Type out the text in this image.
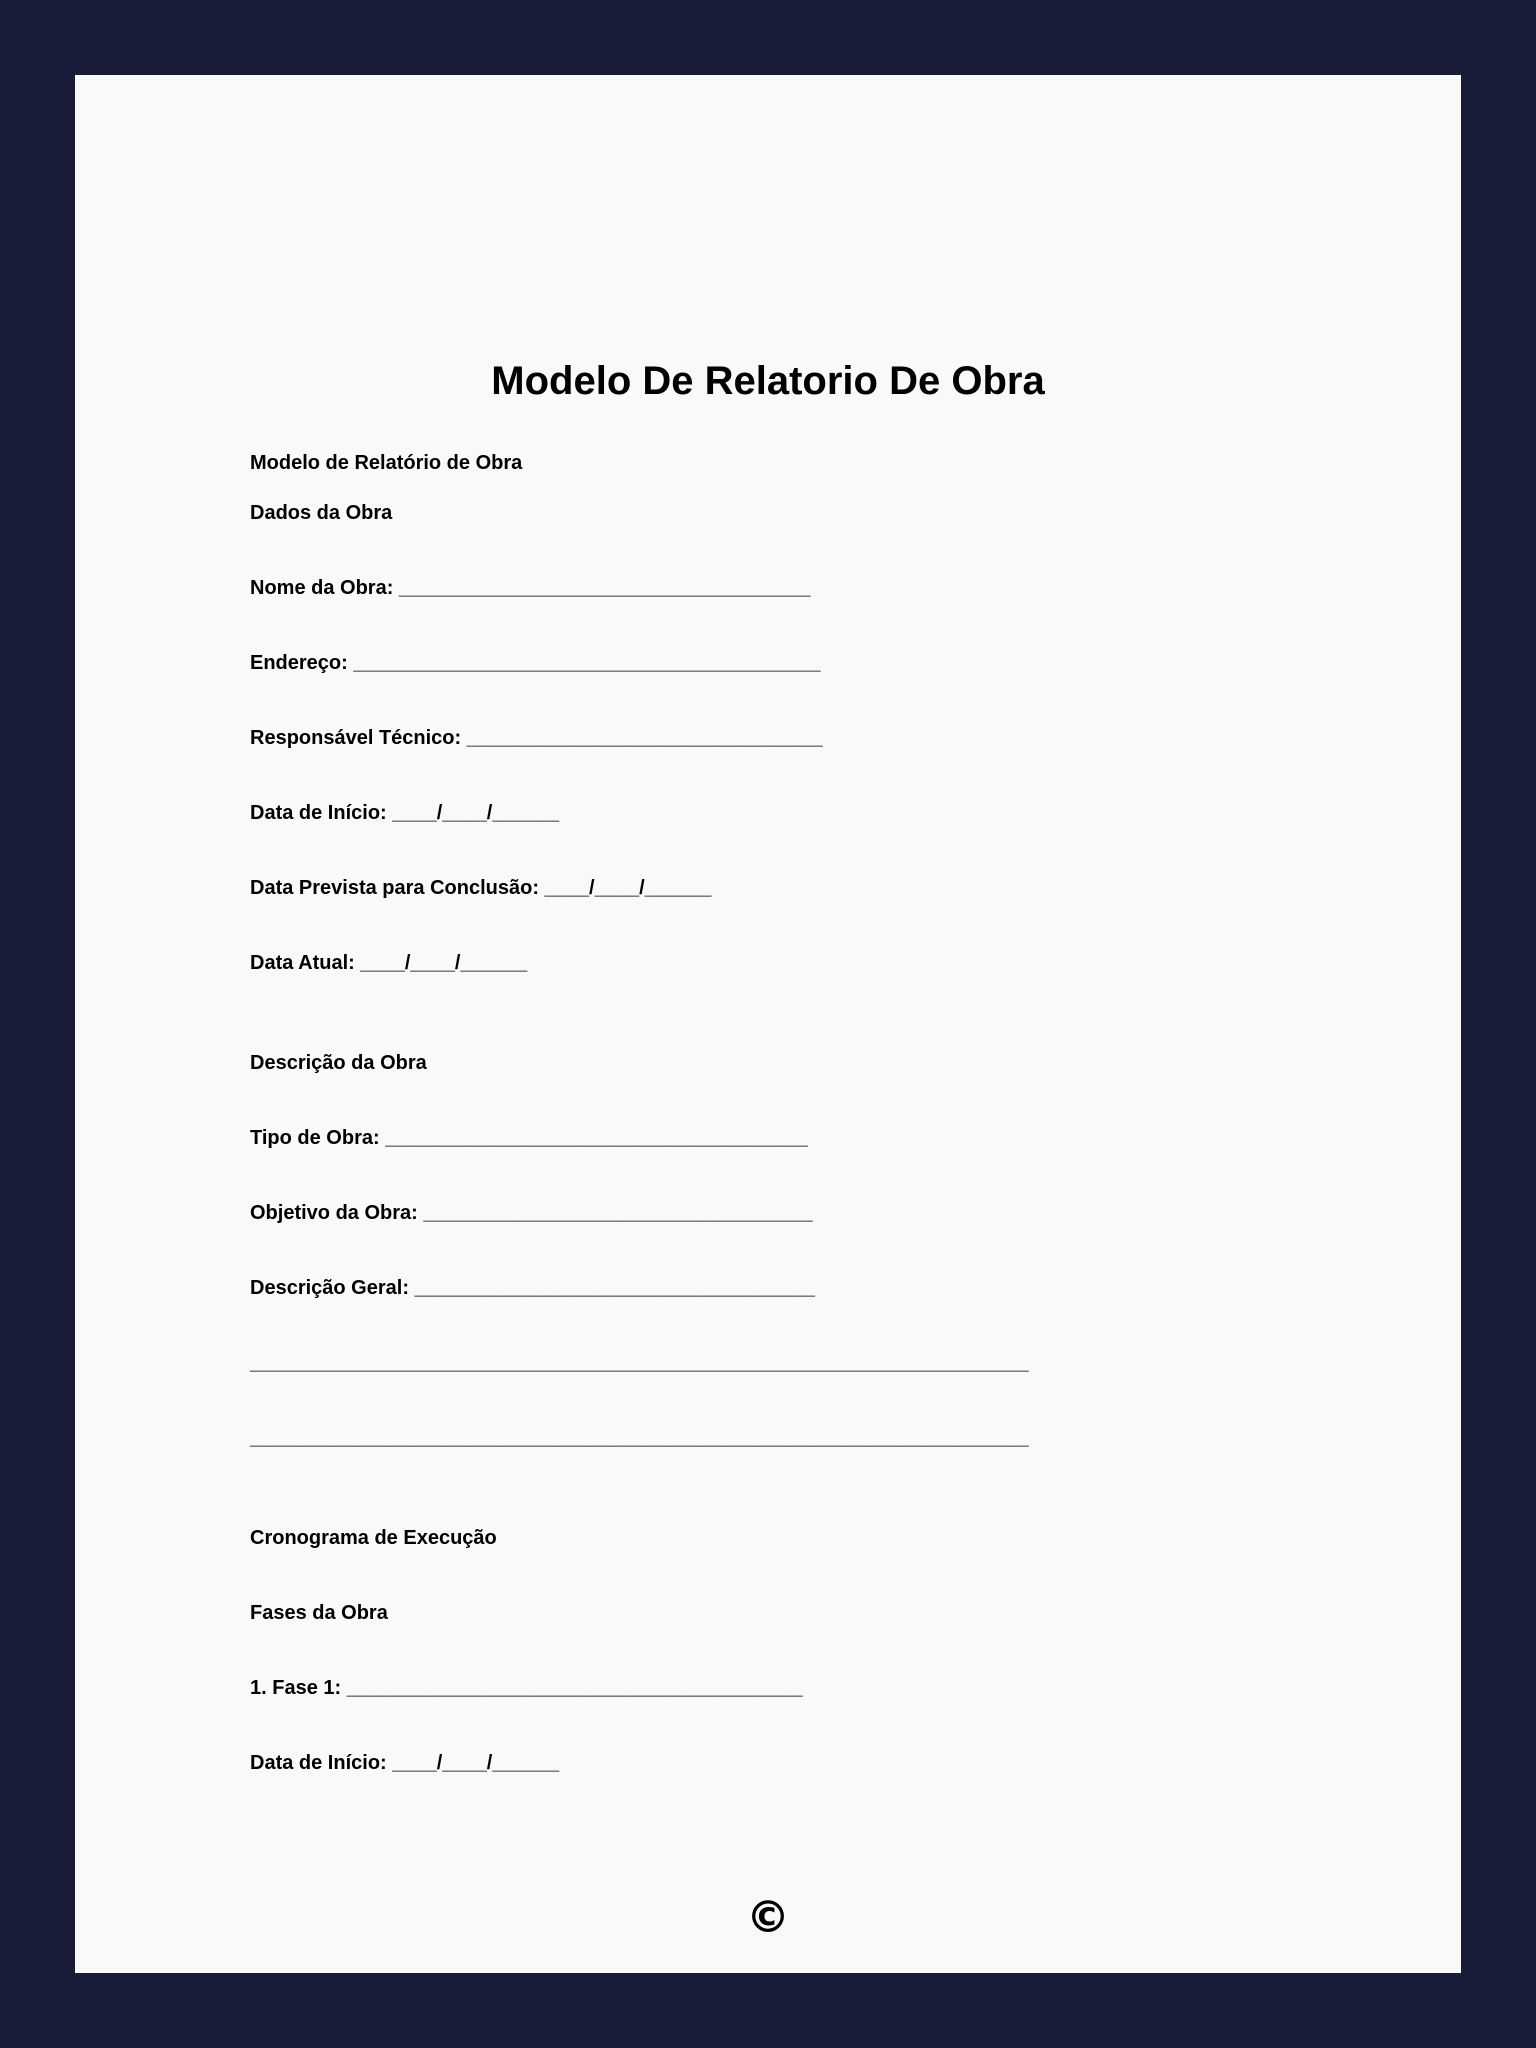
Modelo De Relatorio De Obra
Modelo de Relatório de Obra
Dados da Obra
Nome da Obra: _____________________________________
Endereço: __________________________________________
Responsável Técnico: ________________________________
Data de Início: ____/____/______
Data Prevista para Conclusão: ____/____/______
Data Atual: ____/____/______
Descrição da Obra
Tipo de Obra: ______________________________________
Objetivo da Obra: ___________________________________
Descrição Geral: ____________________________________
______________________________________________________________________
______________________________________________________________________
Cronograma de Execução
Fases da Obra
1. Fase 1: _________________________________________
Data de Início: ____/____/______
©
